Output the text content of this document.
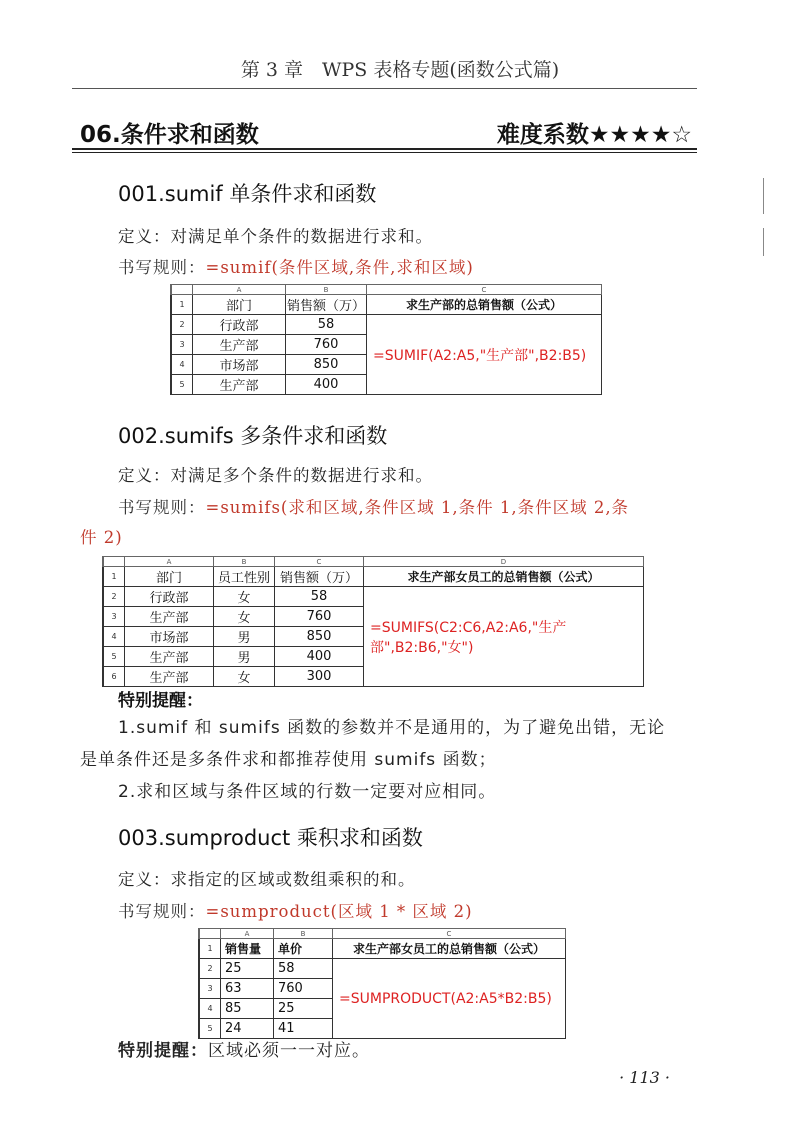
第 3 章　WPS 表格专题(函数公式篇)
06.条件求和函数	难度系数★★★★☆
001.sumif 单条件求和函数
定义：对满足单个条件的数据进行求和。
书写规则：=sumif(条件区域,条件,求和区域)
	A	B	C
1	部门	销售额（万）	求生产部的总销售额（公式）
2	行政部	58	=SUMIF(A2:A5,"生产部",B2:B5)
3	生产部	760	
4	市场部	850	
5	生产部	400	
002.sumifs 多条件求和函数
定义：对满足多个条件的数据进行求和。
书写规则：=sumifs(求和区域,条件区域 1,条件 1,条件区域 2,条
件 2)
	A	B	C	D
1	部门	员工性别	销售额（万）	求生产部女员工的总销售额（公式）
2	行政部	女	58	=SUMIFS(C2:C6,A2:A6,"生产部",B2:B6,"女")
3	生产部	女	760	
4	市场部	男	850	
5	生产部	男	400	
6	生产部	女	300	
特别提醒：
1.sumif 和 sumifs 函数的参数并不是通用的，为了避免出错，无论
是单条件还是多条件求和都推荐使用 sumifs 函数；
2.求和区域与条件区域的行数一定要对应相同。
003.sumproduct 乘积求和函数
定义：求指定的区域或数组乘积的和。
书写规则：=sumproduct(区域 1 * 区域 2)
	A	B	C
1	销售量	单价	求生产部女员工的总销售额（公式）
2	25	58	=SUMPRODUCT(A2:A5*B2:B5)
3	63	760	
4	85	25	
5	24	41	
特别提醒：区域必须一一对应。
· 113 ·
